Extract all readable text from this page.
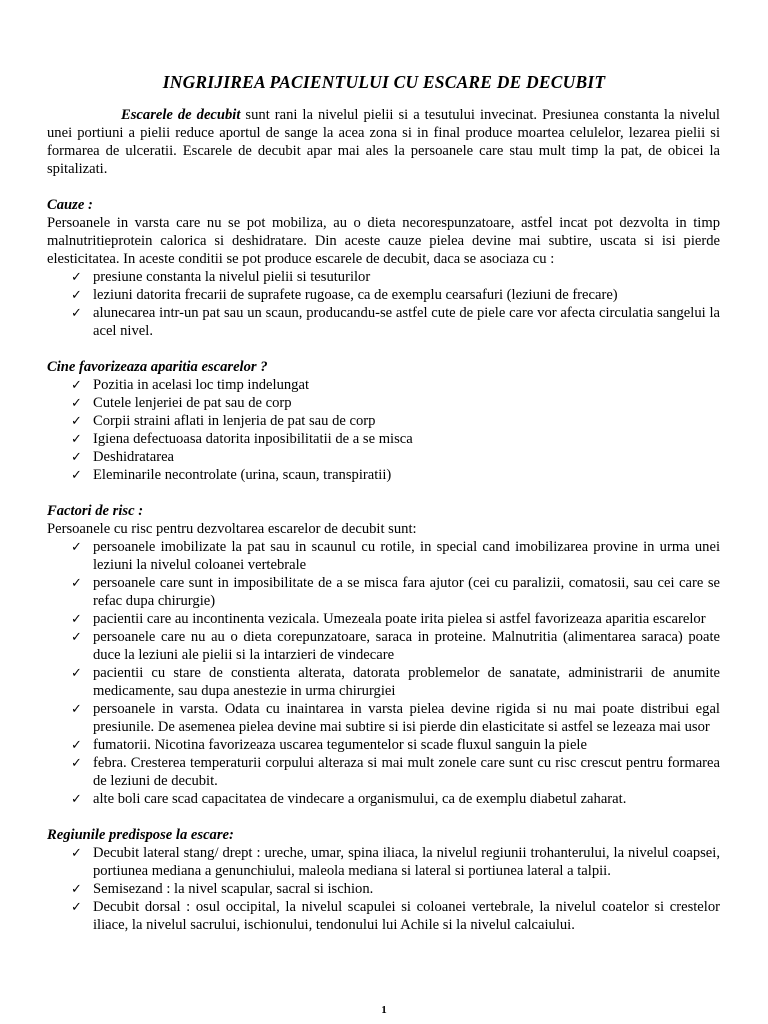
INGRIJIREA PACIENTULUI CU ESCARE DE DECUBIT

Escarele de decubit sunt rani la nivelul pielii si a tesutului invecinat. Presiunea constanta la nivelul unei portiuni a pielii reduce aportul de sange la acea zona si in final produce moartea celulelor, lezarea pielii si formarea de ulceratii. Escarele de decubit apar mai ales la persoanele care stau mult timp la pat, de obicei la spitalizati.

Cauze :

Persoanele in varsta care nu se pot mobiliza, au o dieta necorespunzatoare, astfel incat pot dezvolta in timp malnutritieprotein calorica si deshidratare. Din aceste cauze pielea devine mai subtire, uscata si isi pierde elesticitatea. In aceste conditii se pot produce escarele de decubit, daca se asociaza cu :

✓ presiune constanta la nivelul pielii si tesuturilor
✓ leziuni datorita frecarii de suprafete rugoase, ca de exemplu cearsafuri (leziuni de frecare)
✓ alunecarea intr-un pat sau un scaun, producandu-se astfel cute de piele care vor afecta circulatia sangelui la acel nivel.

Cine favorizeaza aparitia escarelor ?

✓ Pozitia in acelasi loc timp indelungat
✓ Cutele lenjeriei de pat sau de corp
✓ Corpii straini aflati in lenjeria de pat sau de corp
✓ Igiena defectuoasa datorita inposibilitatii de a se misca
✓ Deshidratarea
✓ Eleminarile necontrolate (urina, scaun, transpiratii)

Factori de risc :

Persoanele cu risc pentru dezvoltarea escarelor de decubit sunt:

✓ persoanele imobilizate la pat sau in scaunul cu rotile, in special cand imobilizarea provine in urma unei leziuni la nivelul coloanei vertebrale
✓ persoanele care sunt in imposibilitate de a se misca fara ajutor (cei cu paralizii, comatosii, sau cei care se refac dupa chirurgie)
✓ pacientii care au incontinenta vezicala. Umezeala poate irita pielea si astfel favorizeaza aparitia escarelor
✓ persoanele care nu au o dieta corepunzatoare, saraca in proteine. Malnutritia (alimentarea saraca) poate duce la leziuni ale pielii si la intarzieri de vindecare
✓ pacientii cu stare de constienta alterata, datorata problemelor de sanatate, administrarii de anumite medicamente, sau dupa anestezie in urma chirurgiei
✓ persoanele in varsta. Odata cu inaintarea in varsta pielea devine rigida si nu mai poate distribui egal presiunile. De asemenea pielea devine mai subtire si isi pierde din elasticitate si astfel se lezeaza mai usor
✓ fumatorii. Nicotina favorizeaza uscarea tegumentelor si scade fluxul sanguin la piele
✓ febra. Cresterea temperaturii corpului alteraza si mai mult zonele care sunt cu risc crescut pentru formarea de leziuni de decubit.
✓ alte boli care scad capacitatea de vindecare a organismului, ca de exemplu diabetul zaharat.

Regiunile predispose la escare:

✓ Decubit lateral stang/ drept : ureche, umar, spina iliaca, la nivelul regiunii trohanterului, la nivelul coapsei, portiunea mediana a genunchiului, maleola mediana si lateral si portiunea lateral a talpii.
✓ Semisezand : la nivel scapular, sacral si ischion.
✓ Decubit dorsal : osul occipital, la nivelul scapulei si coloanei vertebrale, la nivelul coatelor si crestelor iliace, la nivelul sacrului, ischionului, tendonului lui Achile si la nivelul calcaiului.
1
